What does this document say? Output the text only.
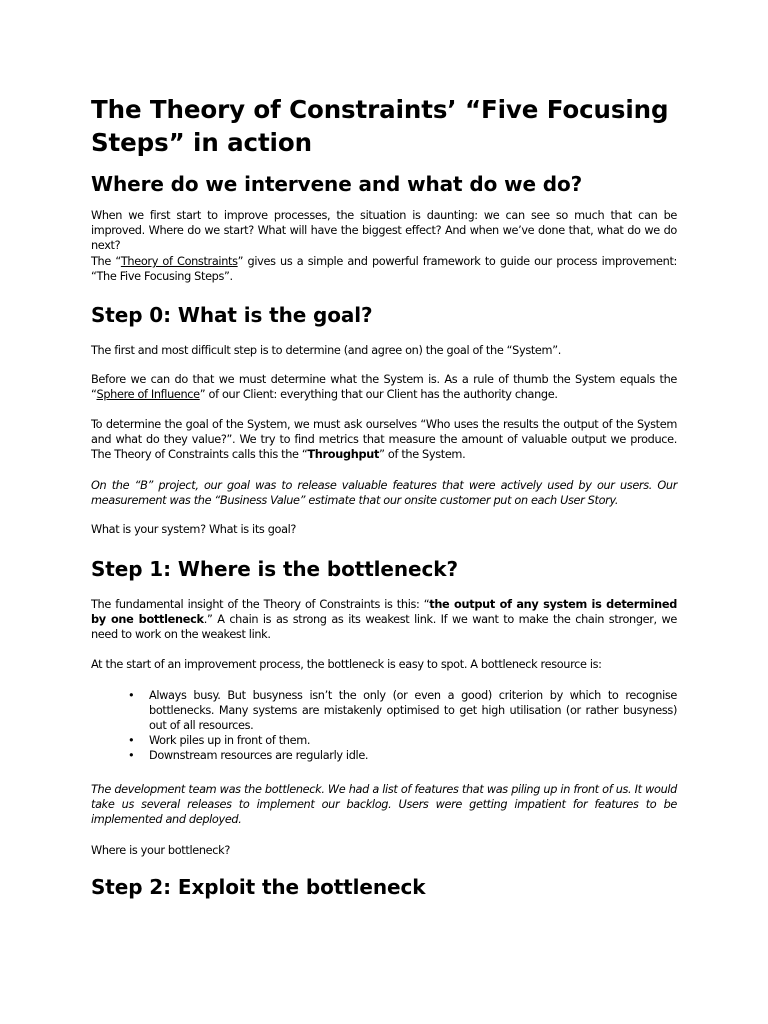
The Theory of Constraints’ “Five Focusing Steps” in action
Where do we intervene and what do we do?

When we first start to improve processes, the situation is daunting: we can see so much that can be improved. Where do we start? What will have the biggest effect? And when we’ve done that, what do we do next?

The “Theory of Constraints” gives us a simple and powerful framework to guide our process improvement: “The Five Focusing Steps”.

Step 0: What is the goal?

The first and most difficult step is to determine (and agree on) the goal of the “System”.

Before we can do that we must determine what the System is. As a rule of thumb the System equals the “Sphere of Influence” of our Client: everything that our Client has the authority change.

To determine the goal of the System, we must ask ourselves “Who uses the results the output of the System and what do they value?”. We try to find metrics that measure the amount of valuable output we produce. The Theory of Constraints calls this the “Throughput” of the System.

On the “B” project, our goal was to release valuable features that were actively used by our users. Our measurement was the “Business Value” estimate that our onsite customer put on each User Story.

What is your system? What is its goal?

Step 1: Where is the bottleneck?

The fundamental insight of the Theory of Constraints is this: “the output of any system is determined by one bottleneck.” A chain is as strong as its weakest link. If we want to make the chain stronger, we need to work on the weakest link.

At the start of an improvement process, the bottleneck is easy to spot. A bottleneck resource is:

• Always busy. But busyness isn’t the only (or even a good) criterion by which to recognise bottlenecks. Many systems are mistakenly optimised to get high utilisation (or rather busyness) out of all resources.
• Work piles up in front of them.
• Downstream resources are regularly idle.

The development team was the bottleneck. We had a list of features that was piling up in front of us. It would take us several releases to implement our backlog. Users were getting impatient for features to be implemented and deployed.

Where is your bottleneck?

Step 2: Exploit the bottleneck
